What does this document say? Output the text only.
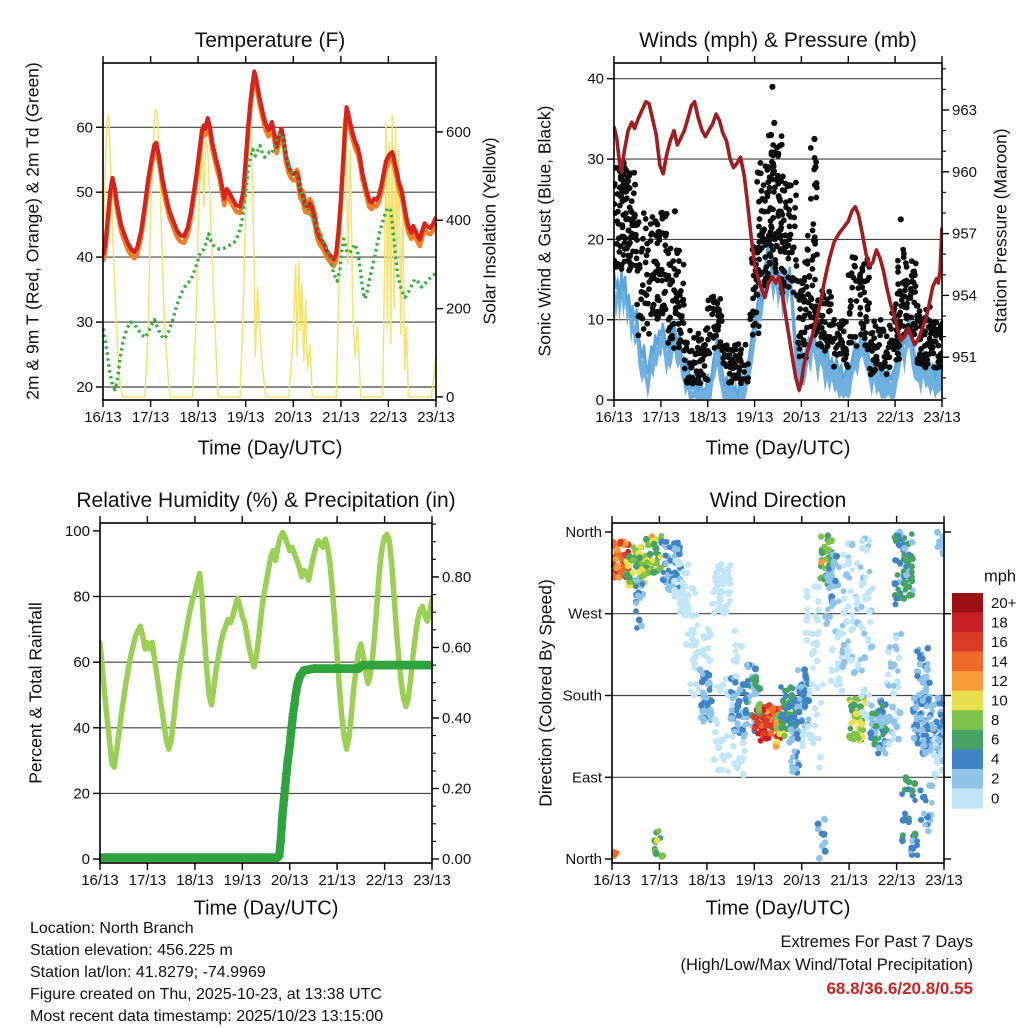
16/13 17/13 18/13 19/13 20/13 21/13 22/13 23/13
20
30
40
50
60
0
200
400
600
16/13 17/13 18/13 19/13 20/13 21/13 22/13 23/13
0
10
20
30
40
951
954
957
960
963
16/13 17/13 18/13 19/13 20/13 21/13 22/13 23/13
0
20
40
60
80
100
0.00
0.20
0.40
0.60
0.80
20+
18
16
14
12
10
8
6
4
2
0
16/13 17/13 18/13 19/13 20/13 21/13 22/13 23/13
North
West
South
East
North
Temperature (F)
Time (Day/UTC)
2m & 9m T (Red, Orange) & 2m Td (Green)	Solar Insolation (Yellow)
Winds (mph) & Pressure (mb)
Time (Day/UTC)
Sonic Wind & Gust (Blue, Black)	Station Pressure (Maroon)
Relative Humidity (%) & Precipitation (in)
Time (Day/UTC)
Percent & Total Rainfall
Wind Direction
Time (Day/UTC)
Direction (Colored By Speed)
mph
Location: North Branch
Station elevation: 456.225 m
Station lat/lon: 41.8279; -74.9969
Figure created on Thu, 2025-10-23, at 13:38 UTC
Most recent data timestamp: 2025/10/23 13:15:00
Extremes For Past 7 Days
(High/Low/Max Wind/Total Precipitation)
68.8/36.6/20.8/0.55
